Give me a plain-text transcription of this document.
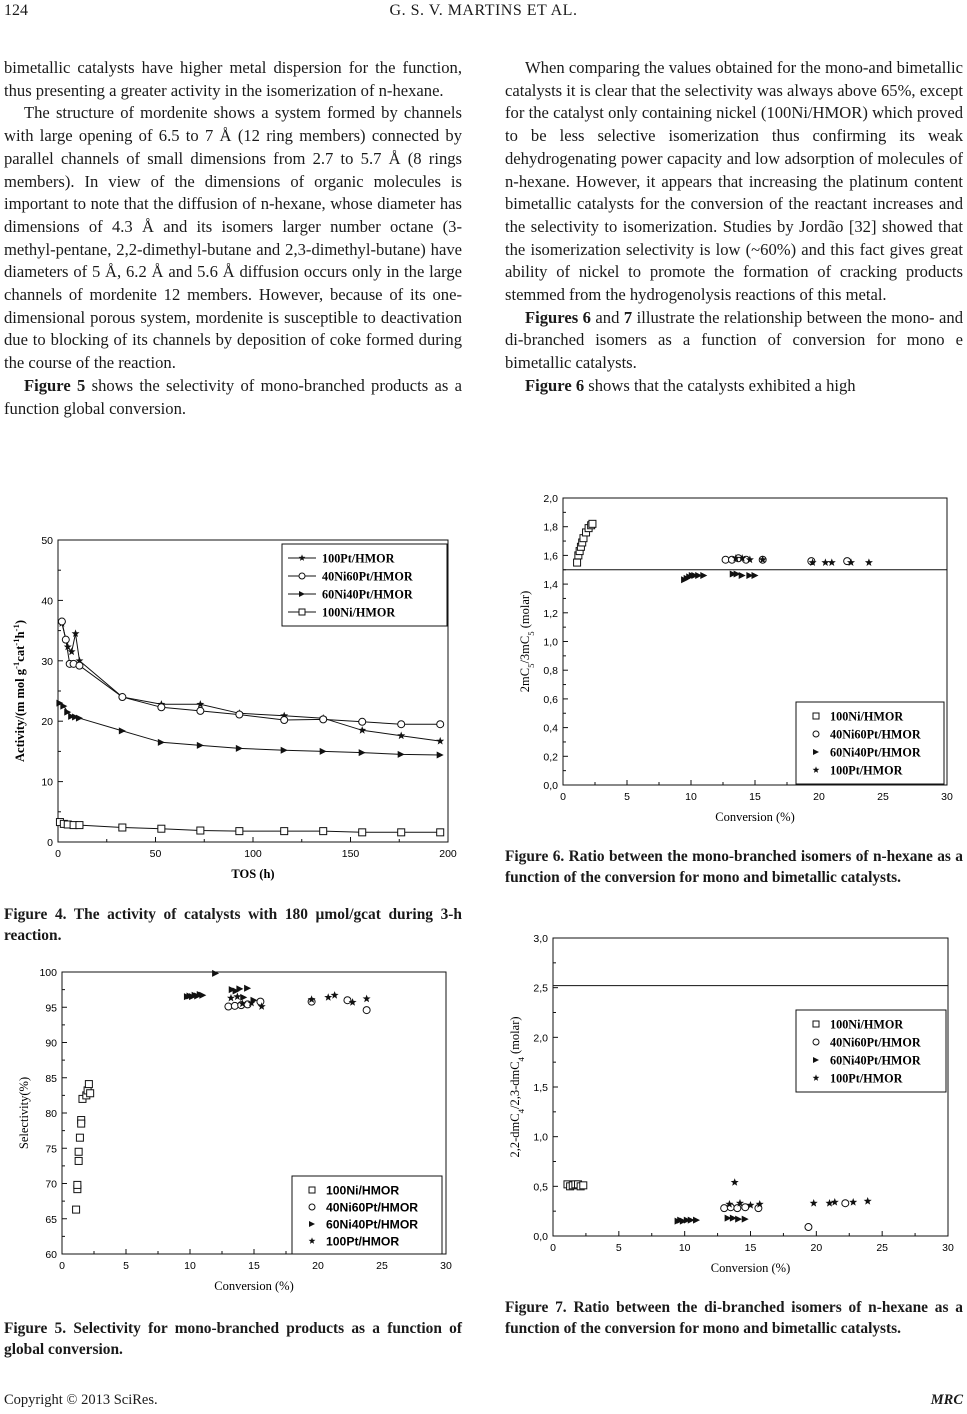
124	G. S. V. MARTINS ET AL.

bimetallic catalysts have higher metal dispersion for the function, thus presenting a greater activity in the isomerization of n-hexane.

The structure of mordenite shows a system formed by channels with large opening of 6.5 to 7 Å (12 ring members) connected by parallel channels of small dimensions from 2.7 to 5.7 Å (8 rings members). In view of the dimensions of organic molecules is important to note that the diffusion of n-hexane, whose diameter has dimensions of 4.3 Å and its isomers larger number octane (3-methyl-pentane, 2,2-dimethyl-butane and 2,3-dimethyl-butane) have diameters of 5 Å, 6.2 Å and 5.6 Å diffusion occurs only in the large channels of mordenite 12 members. However, because of its one-dimensional porous system, mordenite is susceptible to deactivation due to blocking of its channels by deposition of coke formed during the course of the reaction.

Figure 5 shows the selectivity of mono-branched products as a function global conversion.

When comparing the values obtained for the mono-and bimetallic catalysts it is clear that the selectivity was always above 65%, except for the catalyst only containing nickel (100Ni/HMOR) which proved to be less selective isomerization thus confirming its weak dehydrogenating power capacity and low adsorption of molecules of n-hexane. However, it appears that increasing the platinum content bimetallic catalysts for the conversion of the reactant increases and the selectivity to isomerization. Studies by Jordão [32] showed that the isomerization selectivity is low (~60%) and this fact gives great ability of nickel to promote the formation of cracking products stemmed from the hydrogenolysis reactions of this metal.

Figures 6 and 7 illustrate the relationship between the mono- and di-branched isomers as a function of conversion for mono e bimetallic catalysts.

Figure 6 shows that the catalysts exhibited a high

0	50	100	150	200
0
10
20
30
40
50
TOS (h)
Activity/(m mol $g^{-1}cat^{-1}h^{-1}$)
100Pt/HMOR
40Ni60Pt/HMOR
60Ni40Pt/HMOR
100Ni/HMOR
Figure 4. The activity of catalysts with 180 µmol/gcat during 3-h reaction.
0	5	10	15	20	25	30
60
65
70
75
80
85
90
95
100
Conversion (%)
Selectivity(%)
100Ni/HMOR
40Ni60Pt/HMOR
60Ni40Pt/HMOR
100Pt/HMOR
Figure 5. Selectivity for mono-branched products as a function of global conversion.
0	5	10	15	20	25	30
0,0
0,2
0,4
0,6
0,8
1,0
1,2
1,4
1,6
1,8
2,0
Conversion (%)
$2mC_5/3mC_5$ (molar)
100Ni/HMOR
40Ni60Pt/HMOR
60Ni40Pt/HMOR
100Pt/HMOR
Figure 6. Ratio between the mono-branched isomers of n-hexane as a function of the conversion for mono and bimetallic catalysts.
0	5	10	15	20	25	30
0,0
0,5
1,0
1,5
2,0
2,5
3,0
Conversion (%)
2,2-dmC$_4$/2,3-dmC$_4$ (molar)	100Ni/HMOR
40Ni60Pt/HMOR
60Ni40Pt/HMOR
100Pt/HMOR
Figure 7. Ratio between the di-branched isomers of n-hexane as a function of the conversion for mono and bimetallic catalysts.
Copyright © 2013 SciRes.	MRC
